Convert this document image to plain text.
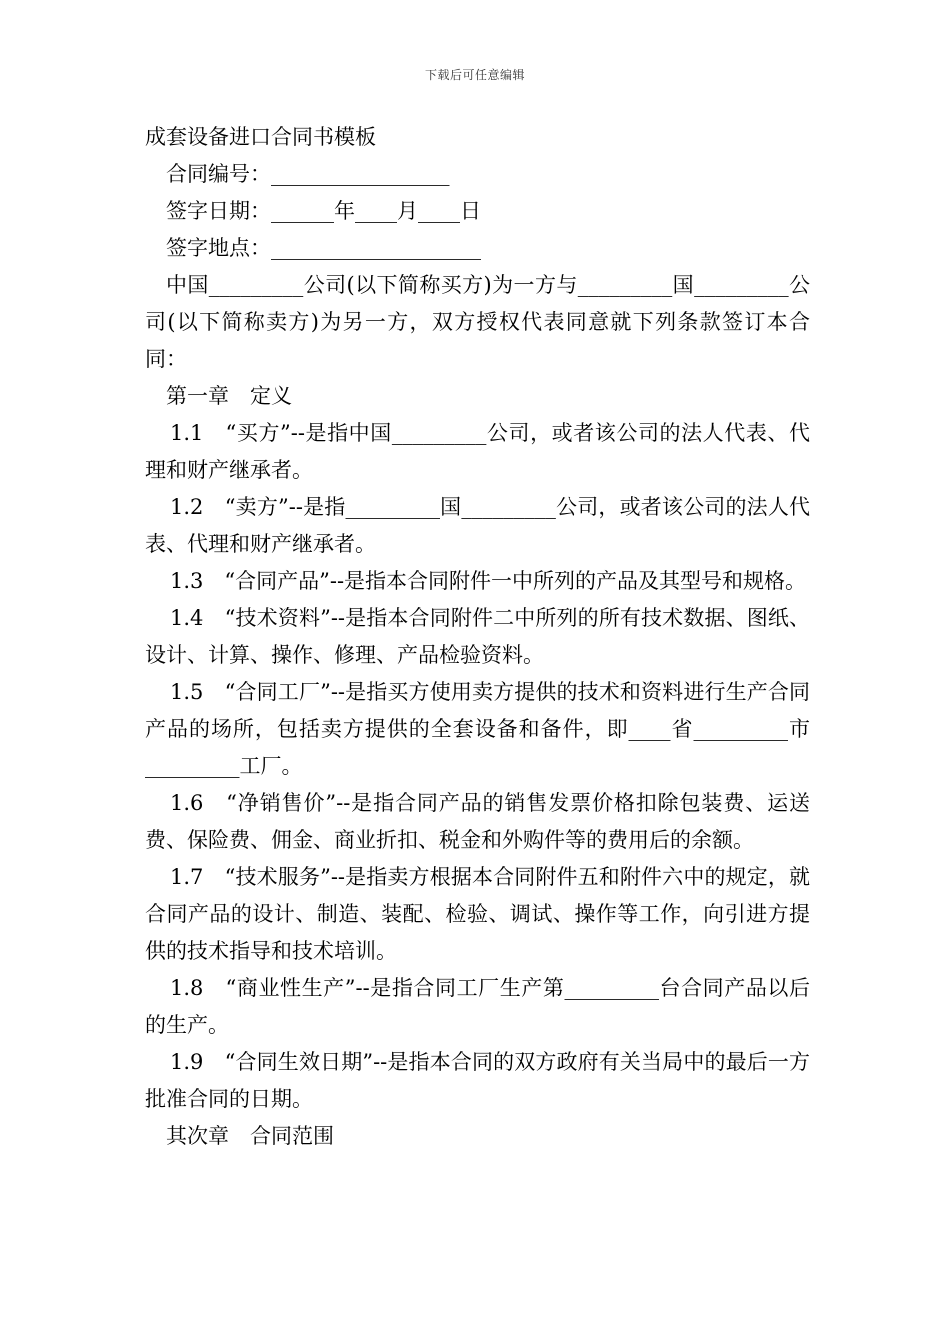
下载后可任意编辑

成套设备进口合同书模板

合同编号：_________________

签字日期：______年____月____日

签字地点：____________________

中国_________公司(以下简称买方)为一方与_________国_________公司(以下简称卖方)为另一方，双方授权代表同意就下列条款签订本合同：

第一章　定义

1.1　“买方”--是指中国_________公司，或者该公司的法人代表、代理和财产继承者。

1.2　“卖方”--是指_________国_________公司，或者该公司的法人代表、代理和财产继承者。

1.3　“合同产品”--是指本合同附件一中所列的产品及其型号和规格。

1.4　“技术资料”--是指本合同附件二中所列的所有技术数据、图纸、设计、计算、操作、修理、产品检验资料。

1.5　“合同工厂”--是指买方使用卖方提供的技术和资料进行生产合同产品的场所，包括卖方提供的全套设备和备件，即____省_________市_________工厂。

1.6　“净销售价”--是指合同产品的销售发票价格扣除包装费、运送费、保险费、佣金、商业折扣、税金和外购件等的费用后的余额。

1.7　“技术服务”--是指卖方根据本合同附件五和附件六中的规定，就合同产品的设计、制造、装配、检验、调试、操作等工作，向引进方提供的技术指导和技术培训。

1.8　“商业性生产”--是指合同工厂生产第_________台合同产品以后的生产。

1.9　“合同生效日期”--是指本合同的双方政府有关当局中的最后一方批准合同的日期。

其次章　合同范围
